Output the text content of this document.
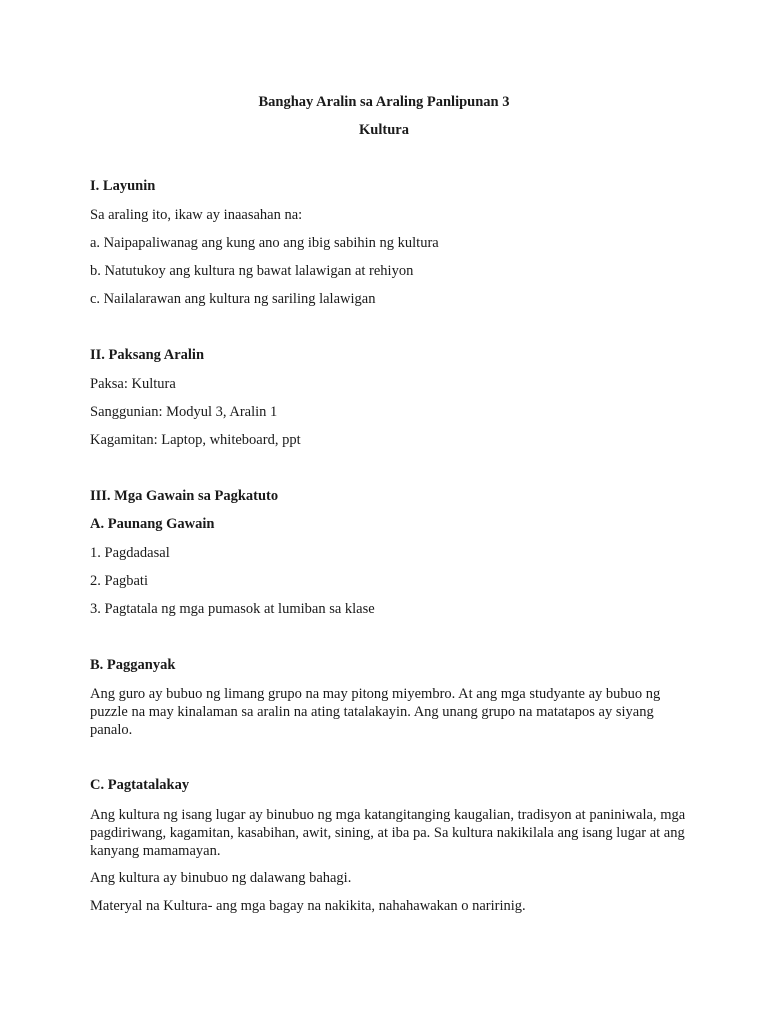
Banghay Aralin sa Araling Panlipunan 3
Kultura
I. Layunin
Sa araling ito, ikaw ay inaasahan na:
a. Naipapaliwanag ang kung ano ang ibig sabihin ng kultura
b. Natutukoy ang kultura ng bawat lalawigan at rehiyon
c. Nailalarawan ang kultura ng sariling lalawigan
II. Paksang Aralin
Paksa: Kultura
Sanggunian: Modyul 3, Aralin 1
Kagamitan: Laptop, whiteboard, ppt
III. Mga Gawain sa Pagkatuto
A. Paunang Gawain
1. Pagdadasal
2. Pagbati
3. Pagtatala ng mga pumasok at lumiban sa klase
B. Pagganyak
Ang guro ay bubuo ng limang grupo na may pitong miyembro. At ang mga studyante ay bubuo ng puzzle na may kinalaman sa aralin na ating tatalakayin. Ang unang grupo na matatapos ay siyang panalo.
C. Pagtatalakay
Ang kultura ng isang lugar ay binubuo ng mga katangitanging kaugalian, tradisyon at paniniwala, mga pagdiriwang, kagamitan, kasabihan, awit, sining, at iba pa. Sa kultura nakikilala ang isang lugar at ang kanyang mamamayan.
Ang kultura ay binubuo ng dalawang bahagi.
Materyal na Kultura- ang mga bagay na nakikita, nahahawakan o naririnig.
